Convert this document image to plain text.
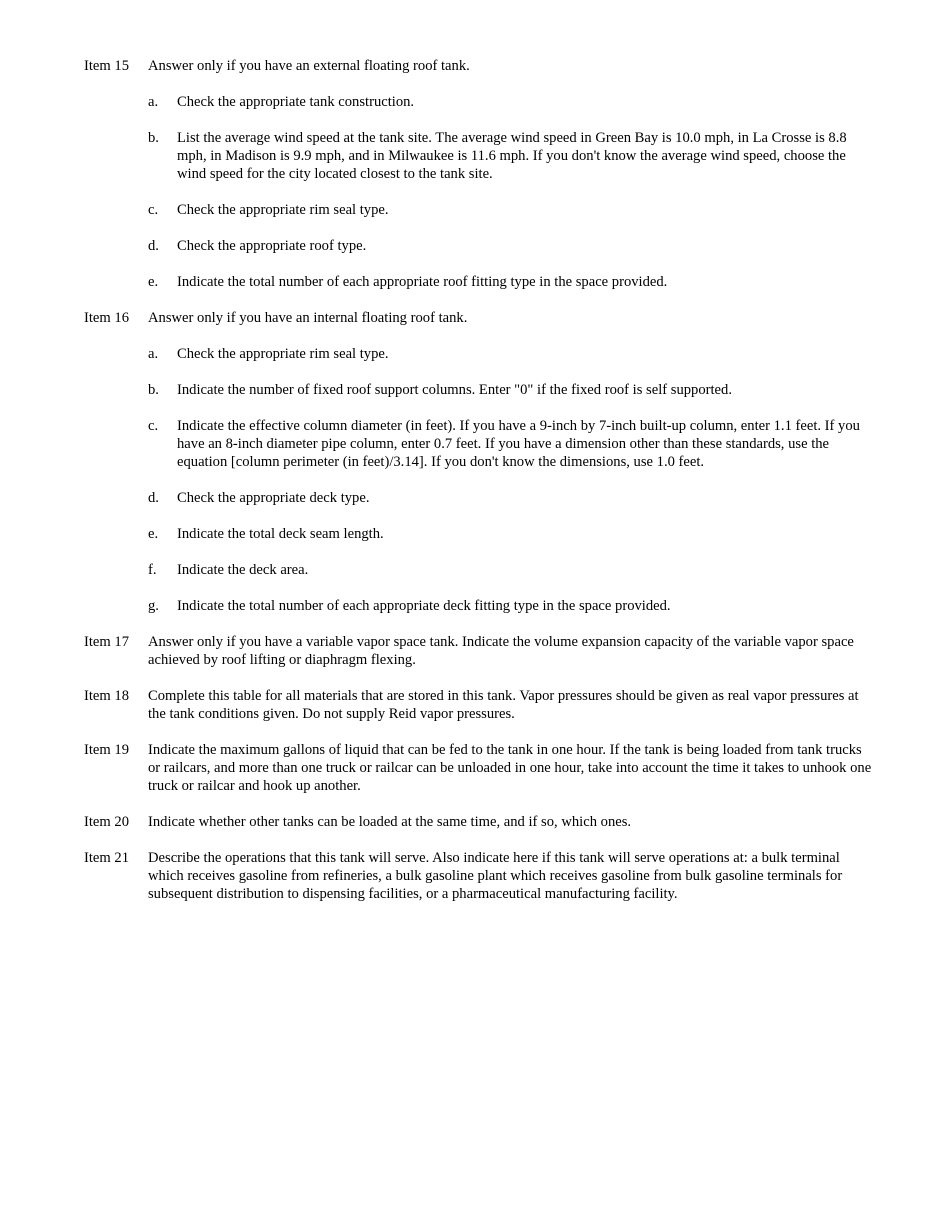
Item 15	Answer only if you have an external floating roof tank.
a.	Check the appropriate tank construction.
b.	List the average wind speed at the tank site. The average wind speed in Green Bay is 10.0 mph, in La Crosse is 8.8 mph, in Madison is 9.9 mph, and in Milwaukee is 11.6 mph. If you don't know the average wind speed, choose the wind speed for the city located closest to the tank site.
c.	Check the appropriate rim seal type.
d.	Check the appropriate roof type.
e.	Indicate the total number of each appropriate roof fitting type in the space provided.
Item 16	Answer only if you have an internal floating roof tank.
a.	Check the appropriate rim seal type.
b.	Indicate the number of fixed roof support columns. Enter "0" if the fixed roof is self supported.
c.	Indicate the effective column diameter (in feet). If you have a 9-inch by 7-inch built-up column, enter 1.1 feet. If you have an 8-inch diameter pipe column, enter 0.7 feet. If you have a dimension other than these standards, use the equation [column perimeter (in feet)/3.14]. If you don't know the dimensions, use 1.0 feet.
d.	Check the appropriate deck type.
e.	Indicate the total deck seam length.
f.	Indicate the deck area.
g.	Indicate the total number of each appropriate deck fitting type in the space provided.
Item 17	Answer only if you have a variable vapor space tank. Indicate the volume expansion capacity of the variable vapor space achieved by roof lifting or diaphragm flexing.
Item 18	Complete this table for all materials that are stored in this tank. Vapor pressures should be given as real vapor pressures at the tank conditions given. Do not supply Reid vapor pressures.
Item 19	Indicate the maximum gallons of liquid that can be fed to the tank in one hour. If the tank is being loaded from tank trucks or railcars, and more than one truck or railcar can be unloaded in one hour, take into account the time it takes to unhook one truck or railcar and hook up another.
Item 20	Indicate whether other tanks can be loaded at the same time, and if so, which ones.
Item 21	Describe the operations that this tank will serve. Also indicate here if this tank will serve operations at: a bulk terminal which receives gasoline from refineries, a bulk gasoline plant which receives gasoline from bulk gasoline terminals for subsequent distribution to dispensing facilities, or a pharmaceutical manufacturing facility.
